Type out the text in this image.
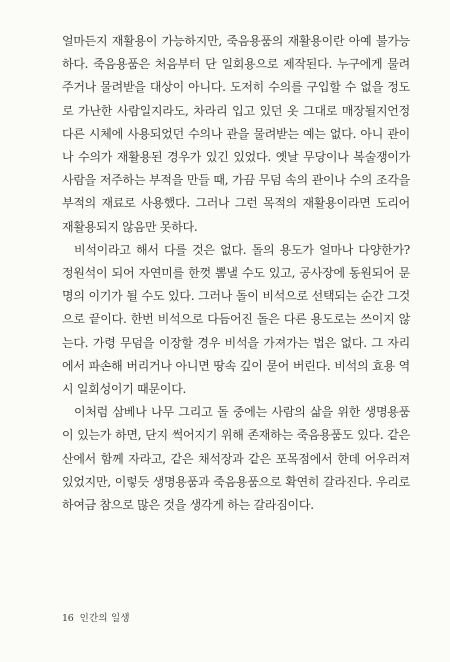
얼마든지 재활용이 가능하지만, 죽음용품의 재활용이란 아예 불가능하다. 죽음용품은 처음부터 단 일회용으로 제작된다. 누구에게 물려주거나 물려받을 대상이 아니다. 도저히 수의를 구입할 수 없을 정도로 가난한 사람일지라도, 차라리 입고 있던 옷 그대로 매장될지언정 다른 시체에 사용되었던 수의나 관을 물려받는 예는 없다. 아니 관이나 수의가 재활용된 경우가 있긴 있었다. 옛날 무당이나 복술쟁이가 사람을 저주하는 부적을 만들 때, 가끔 무덤 속의 관이나 수의 조각을 부적의 재료로 사용했다. 그러나 그런 목적의 재활용이라면 도리어 재활용되지 않음만 못하다.

비석이라고 해서 다를 것은 없다. 돌의 용도가 얼마나 다양한가? 정원석이 되어 자연미를 한껏 뽐낼 수도 있고, 공사장에 동원되어 문명의 이기가 될 수도 있다. 그러나 돌이 비석으로 선택되는 순간 그것으로 끝이다. 한번 비석으로 다듬어진 돌은 다른 용도로는 쓰이지 않는다. 가령 무덤을 이장할 경우 비석을 가져가는 법은 없다. 그 자리에서 파손해 버리거나 아니면 땅속 깊이 묻어 버린다. 비석의 효용 역시 일회성이기 때문이다.

이처럼 삼베나 나무 그리고 돌 중에는 사람의 삶을 위한 생명용품이 있는가 하면, 단지 썩어지기 위해 존재하는 죽음용품도 있다. 같은 산에서 함께 자라고, 같은 채석장과 같은 포목점에서 한데 어우러져 있었지만, 이렇듯 생명용품과 죽음용품으로 확연히 갈라진다. 우리로 하여금 참으로 많은 것을 생각게 하는 갈라짐이다.

16 인간의 일생
